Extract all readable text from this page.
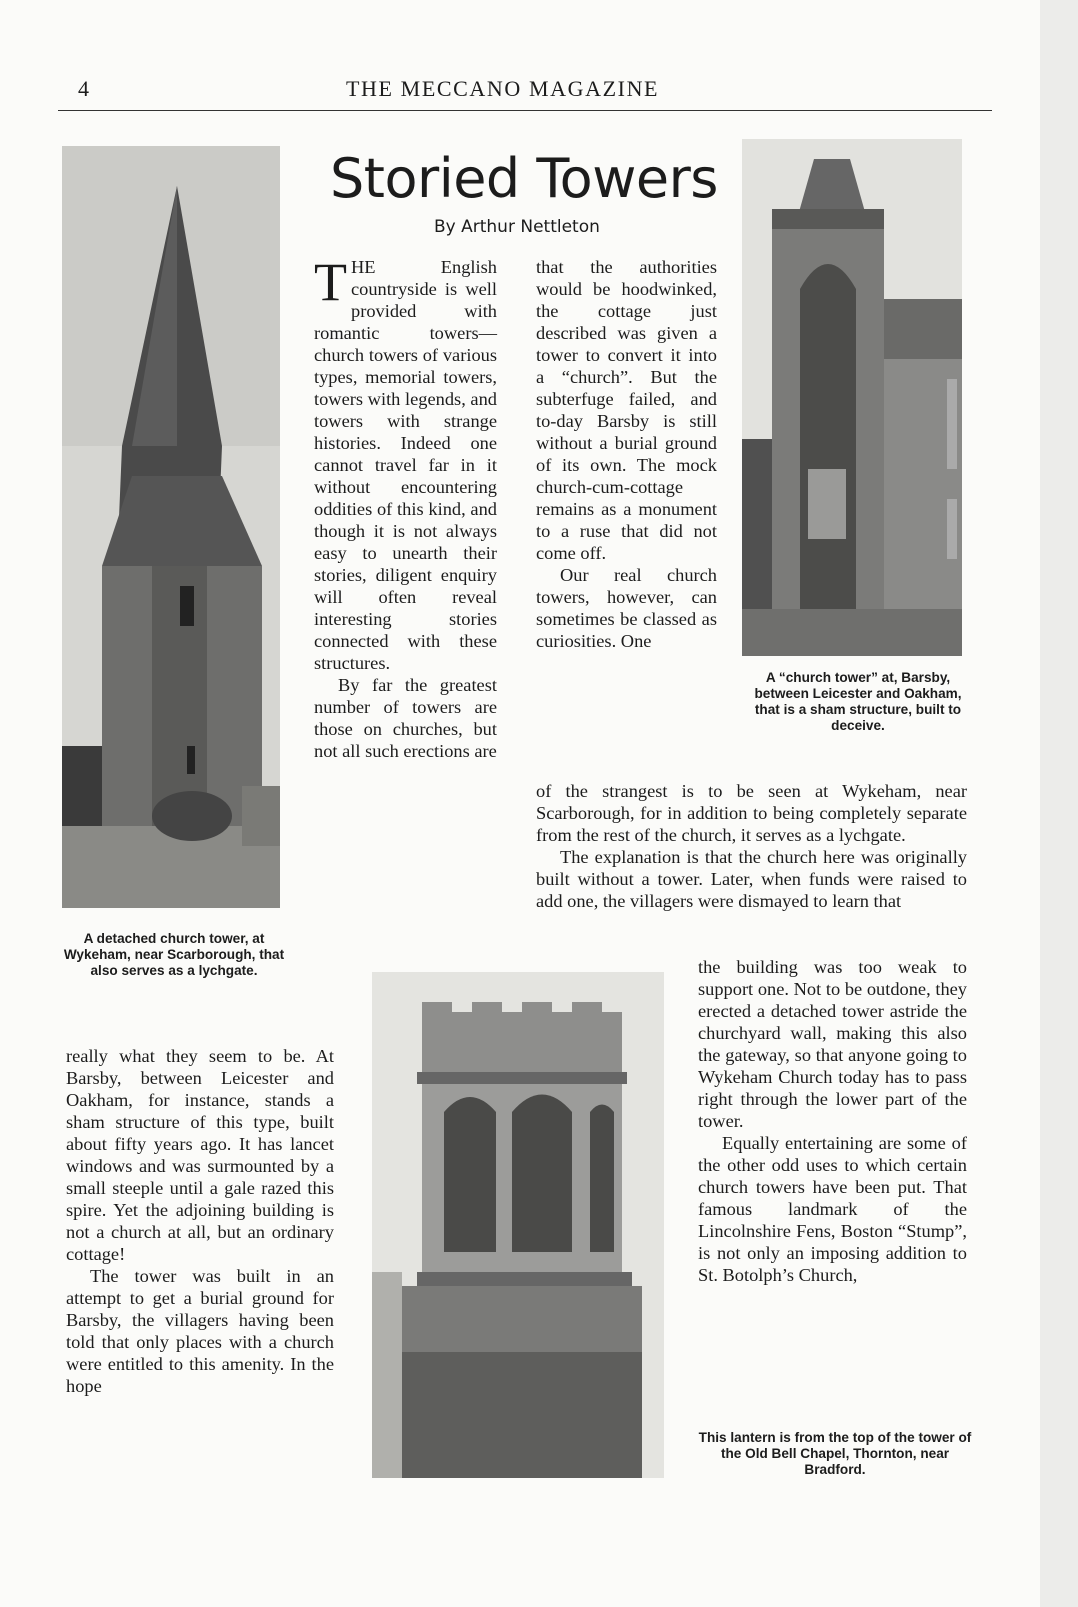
4	THE MECCANO MAGAZINE
Storied Towers
By Arthur Nettleton
A detached church tower, at Wykeham, near Scarborough, that also serves as a lychgate.
A “church tower” at, Barsby, between Leicester and Oakham, that is a sham structure, built to deceive.
This lantern is from the top of the tower of the Old Bell Chapel, Thornton, near Bradford.

THE English countryside is well provided with romantic towers—church towers of various types, memorial towers, towers with legends, and towers with strange histories. Indeed one cannot travel far in it without encountering oddities of this kind, and though it is not always easy to unearth their stories, diligent enquiry will often reveal interesting stories connected with these structures.

By far the greatest number of towers are those on churches, but not all such erections are

that the authorities would be hoodwinked, the cottage just described was given a tower to convert it into a “church”. But the subterfuge failed, and to-day Barsby is still without a burial ground of its own. The mock church-cum-cottage remains as a monument to a ruse that did not come off.

Our real church towers, however, can sometimes be classed as curiosities. One

of the strangest is to be seen at Wykeham, near Scarborough, for in addition to being completely separate from the rest of the church, it serves as a lychgate.

The explanation is that the church here was originally built without a tower. Later, when funds were raised to add one, the villagers were dismayed to learn that

the building was too weak to support one. Not to be outdone, they erected a detached tower astride the churchyard wall, making this also the gateway, so that anyone going to Wykeham Church today has to pass right through the lower part of the tower.

Equally entertaining are some of the other odd uses to which certain church towers have been put. That famous landmark of the Lincolnshire Fens, Boston “Stump”, is not only an imposing addition to St. Botolph’s Church,

really what they seem to be. At Barsby, between Leicester and Oakham, for instance, stands a sham structure of this type, built about fifty years ago. It has lancet windows and was surmounted by a small steeple until a gale razed this spire. Yet the adjoining building is not a church at all, but an ordinary cottage!

The tower was built in an attempt to get a burial ground for Barsby, the villagers having been told that only places with a church were entitled to this amenity. In the hope
